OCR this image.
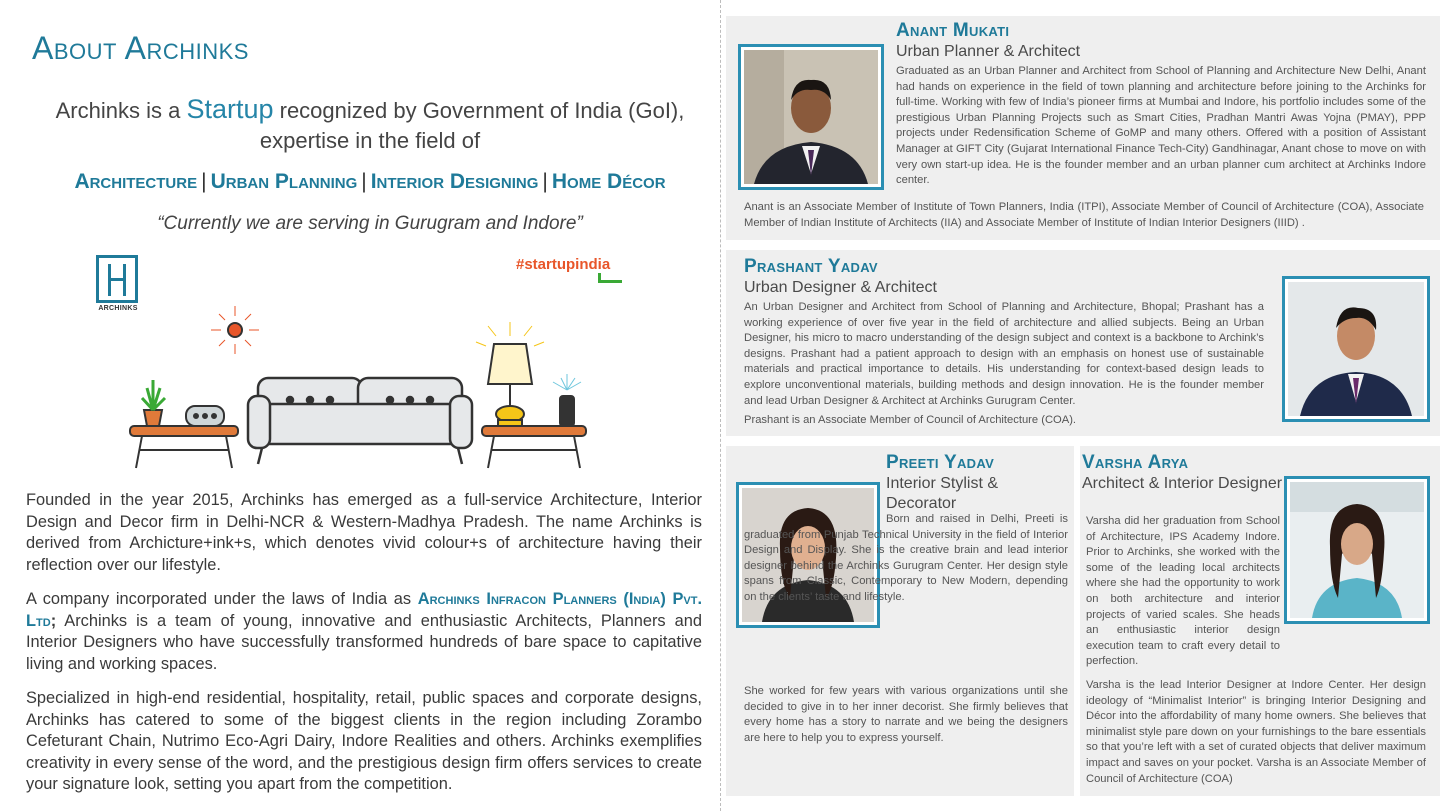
About Archinks
Archinks is a Startup recognized by Government of India (GoI),
expertise in the field of
Architecture | Urban Planning | Interior Designing | Home Décor
“Currently we are serving in Gurugram and Indore”
ARCHINKS
#startupindia

Founded in the year 2015, Archinks has emerged as a full-service Architecture, Interior Design and Decor firm in Delhi-NCR & Western-Madhya Pradesh. The name Archinks is derived from Archicture+ink+s, which denotes vivid colour+s of architecture having their reflection over our lifestyle.

A company incorporated under the laws of India as Archinks Infracon Planners (India) Pvt. Ltd; Archinks is a team of young, innovative and enthusiastic Architects, Planners and Interior Designers who have successfully transformed hundreds of bare space to capitative living and working spaces.

Specialized in high-end residential, hospitality, retail, public spaces and corporate designs, Archinks has catered to some of the biggest clients in the region including Zorambo Cefeturant Chain, Nutrimo Eco-Agri Dairy, Indore Realities and others. Archinks exemplifies creativity in every sense of the word, and the prestigious design firm offers services to create your signature look, setting you apart from the competition.

Anant Mukati
Urban Planner & Architect

Graduated as an Urban Planner and Architect from School of Planning and Architecture New Delhi, Anant had hands on experience in the field of town planning and architecture before joining to the Archinks for full-time. Working with few of India’s pioneer firms at Mumbai and Indore, his portfolio includes some of the prestigious Urban Planning Projects such as Smart Cities, Pradhan Mantri Awas Yojna (PMAY), PPP projects under Redensification Scheme of GoMP and many others. Offered with a position of Assistant Manager at GIFT City (Gujarat International Finance Tech-City) Gandhinagar, Anant chose to move on with very own start-up idea. He is the founder member and an urban planner cum architect at Archinks Indore center.

Anant is an Associate Member of Institute of Town Planners, India (ITPI), Associate Member of Council of Architecture (COA), Associate Member of Indian Institute of Architects (IIA) and Associate Member of Institute of Indian Interior Designers (IIID) .

Prashant Yadav
Urban Designer & Architect

An Urban Designer and Architect from School of Planning and Architecture, Bhopal; Prashant has a working experience of over five year in the field of architecture and allied subjects. Being an Urban Designer, his micro to macro understanding of the design subject and context is a backbone to Archink’s designs. Prashant had a patient approach to design with an emphasis on honest use of sustainable materials and practical importance to details. His understanding for context-based design leads to explore unconventional materials, building methods and design innovation. He is the founder member and lead Urban Designer & Architect at Archinks Gurugram Center.

Prashant is an Associate Member of Council of Architecture (COA).

Preeti Yadav
Interior Stylist & Decorator

Born and raised in Delhi, Preeti is graduated from Punjab Technical University in the field of Interior Design and Display. She is the creative brain and lead interior designer behind the Archinks Gurugram Center. Her design style spans from Classic, Contemporary to New Modern, depending on the clients’ taste and lifestyle.

She worked for few years with various organizations until she decided to give in to her inner decorist. She firmly believes that every home has a story to narrate and we being the designers are here to help you to express yourself.

Varsha Arya
Architect & Interior Designer

Varsha did her graduation from School of Architecture, IPS Academy Indore. Prior to Archinks, she worked with the some of the leading local architects where she had the opportunity to work on both architecture and interior projects of varied scales. She heads an enthusiastic interior design execution team to craft every detail to perfection.

Varsha is the lead Interior Designer at Indore Center. Her design ideology of “Minimalist Interior” is bringing Interior Designing and Décor into the affordability of many home owners. She believes that minimalist style pare down on your furnishings to the bare essentials so that you’re left with a set of curated objects that deliver maximum impact and saves on your pocket. Varsha is an Associate Member of Council of Architecture (COA)
